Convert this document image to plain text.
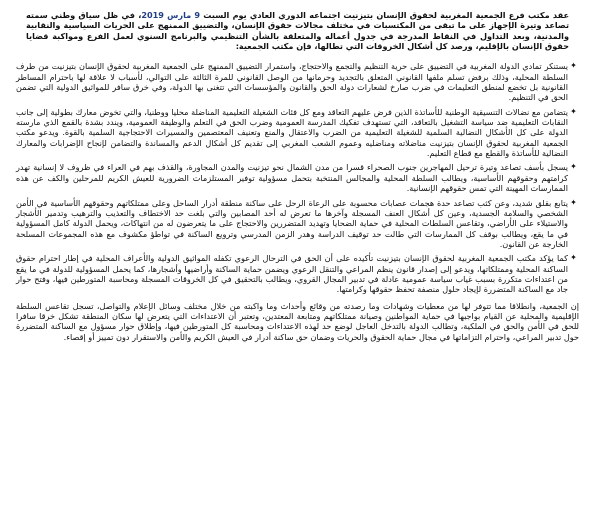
عقد مكتب فرع الجمعية المغربية لحقوق الإنسان بتيزنيت اجتماعه الدوري العادي يوم السبت 9 مارس 2019، في ظل سياق وطني سمته تصاعد وتيرة الإجهاز على ما تبقى من المكتسبات في مختلف مجالات حقوق الإنسان، والتضييق الممنهج على الحريات السياسية والنقابية والمدنية، وبعد التداول في النقاط المدرجة في جدول أعماله والمتعلقة بالشأن التنظيمي والبرنامج السنوي لعمل الفرع ومواكبة قضايا حقوق الإنسان بالإقليم، ورصد كل أشكال الخروقات التي تطالها، فإن مكتب الجمعية:

✦

يستنكر تمادي الدولة المغربية في التضييق على حرية التنظيم والتجمع والاحتجاج، واستمرار التضييق الممنهج على الجمعية المغربية لحقوق الإنسان بتيزنيت من طرف السلطة المحلية، وذلك برفض تسلم ملفها القانوني المتعلق بالتجديد وحرمانها من الوصل القانوني للمرة الثالثة على التوالي، لأسباب لا علاقة لها باحترام المساطر القانونية بل تخضع لمنطق التعليمات في ضرب صارخ لشعارات دولة الحق والقانون والمؤسسات التي تتغنى بها الدولة، وفي خرق سافر للمواثيق الدولية التي تضمن الحق في التنظيم.

✦

يتضامن مع نضالات التنسيقية الوطنية للأساتذة الذين فرض عليهم التعاقد ومع كل فئات الشغيلة التعليمية المناضلة محليا ووطنيا، والتي تخوض معارك بطولية إلى جانب النقابات التعليمية ضد سياسة التشغيل بالتعاقد، التي تستهدف تفكيك المدرسة العمومية وضرب الحق في التعلم والوظيفة العمومية، ويندد بشدة بالقمع الذي مارسته الدولة على كل الأشكال النضالية السلمية للشغيلة التعليمية من الضرب والاعتقال والمنع وتعنيف المعتصمين والمسيرات الاحتجاجية السلمية بالقوة. ويدعو مكتب الجمعية المغربية لحقوق الإنسان بتيزنيت مناضلاته ومناضليه وعموم الشعب المغربي إلى تقديم كل أشكال الدعم والمساندة والتضامن لإنجاح الإضرابات والمعارك النضالية للأساتذة والقطع مع قطاع التعليم.

✦

يسجل بأسف تصاعد وتيرة ترحيل المهاجرين جنوب الصحراء قسرا من مدن الشمال نحو تيزنيت والمدن المجاورة، والقذف بهم في العراء في ظروف لا إنسانية تهدر كرامتهم وحقوقهم الأساسية، ويطالب السلطة المحلية والمجالس المنتخبة بتحمل مسؤولية توفير المستلزمات الضرورية للعيش الكريم للمرحلين والكف عن هذه الممارسات المهينة التي تمس حقوقهم الإنسانية.

✦

يتابع بقلق شديد، وعن كثب تصاعد حدة هجمات عصابات محسوبة على الرعاة الرحل على ساكنة منطقة أدرار الساحل وعلى ممتلكاتهم وحقوقهم الأساسية في الأمن الشخصي والسلامة الجسدية، وعين كل أشكال العنف المسجلة وآخرها ما تعرض له أحد المصابين والتي بلغت حد الاختطاف والتعذيب والترهيب وتدمير الأشجار والاستيلاء على الأراضي، وتقاعس السلطات المحلية في حماية الضحايا وتهديد المتضررين والاحتجاج على ما يتعرضون له من انتهاكات، ويحمل الدولة كامل المسؤولية في ما يقع، ويطالب بوقف كل الممارسات التي طالت حد توقيف الدراسة وهدر الزمن المدرسي وترويع الساكنة في تواطؤ مكشوف مع هذه المجموعات المسلحة الخارجة عن القانون.

✦

كما يؤكد مكتب الجمعية المغربية لحقوق الإنسان بتيزنيت تأكيده على أن الحق في الترحال الرعوي تكفله المواثيق الدولية والأعراف المحلية في إطار احترام حقوق الساكنة المحلية وممتلكاتها، ويدعو إلى إصدار قانون ينظم المراعي والتنقل الرعوي ويضمن حماية الساكنة وأراضيها وأشجارها، كما يحمل المسؤولية للدولة في ما يقع من اعتداءات متكررة بسبب غياب سياسة عمومية عادلة في تدبير المجال القروي، ويطالب بالتحقيق في كل الخروقات المسجلة ومحاسبة المتورطين فيها، وفتح حوار جاد مع الساكنة المتضررة لإيجاد حلول منصفة تحفظ حقوقها وكرامتها.

إن الجمعية، وانطلاقا مما تتوفر لها من معطيات وشهادات وما رصدته من وقائع وأحداث وما واكبته من خلال مختلف وسائل الإعلام والتواصل، تسجل تقاعس السلطة الإقليمية والمحلية عن القيام بواجبها في حماية المواطنين وصيانة ممتلكاتهم ومتابعة المعتدين، وتعتبر أن الاعتداءات التي يتعرض لها سكان المنطقة تشكل خرقا سافرا للحق في الأمن والحق في الملكية، وتطالب الدولة بالتدخل العاجل لوضع حد لهذه الاعتداءات ومحاسبة كل المتورطين فيها، وإطلاق حوار مسؤول مع الساكنة المتضررة حول تدبير المراعي، واحترام التزاماتها في مجال حماية الحقوق والحريات وضمان حق ساكنة أدرار في العيش الكريم والأمن والاستقرار دون تمييز أو إقصاء.
